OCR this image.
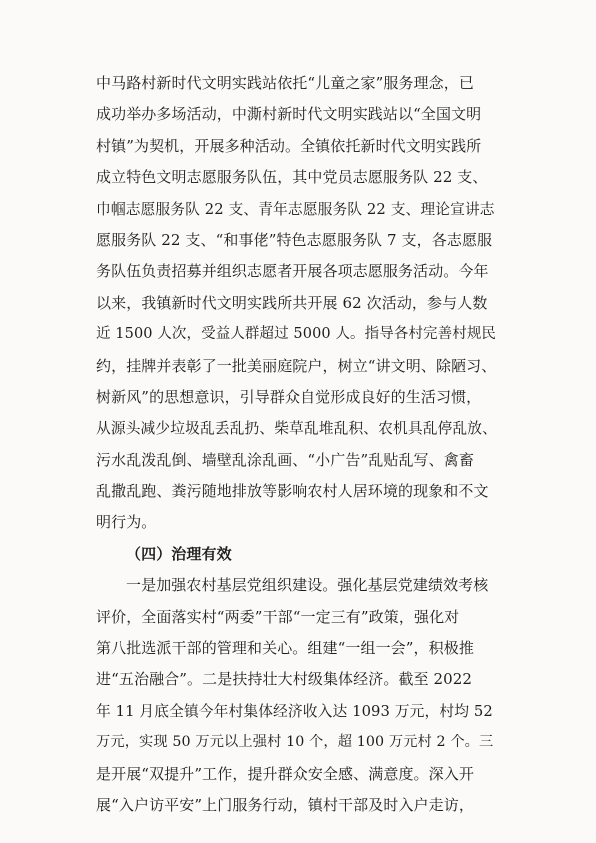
中马路村新时代文明实践站依托“儿童之家”服务理念，已
成功举办多场活动，中澌村新时代文明实践站以“全国文明
村镇”为契机，开展多种活动。全镇依托新时代文明实践所
成立特色文明志愿服务队伍，其中党员志愿服务队 22 支、
巾帼志愿服务队 22 支、青年志愿服务队 22 支、理论宣讲志
愿服务队 22 支、“和事佬”特色志愿服务队 7 支，各志愿服
务队伍负责招募并组织志愿者开展各项志愿服务活动。今年
以来，我镇新时代文明实践所共开展 62 次活动，参与人数
近 1500 人次，受益人群超过 5000 人。指导各村完善村规民
约，挂牌并表彰了一批美丽庭院户，树立“讲文明、除陋习、
树新风”的思想意识，引导群众自觉形成良好的生活习惯，
从源头减少垃圾乱丢乱扔、柴草乱堆乱积、农机具乱停乱放、
污水乱泼乱倒、墙壁乱涂乱画、“小广告”乱贴乱写、禽畜
乱撒乱跑、粪污随地排放等影响农村人居环境的现象和不文
明行为。
（四）治理有效
一是加强农村基层党组织建设。强化基层党建绩效考核
评价，全面落实村“两委”干部“一定三有”政策，强化对
第八批选派干部的管理和关心。组建“一组一会”，积极推
进“五治融合”。二是扶持壮大村级集体经济。截至 2022
年 11 月底全镇今年村集体经济收入达 1093 万元，村均 52
万元，实现 50 万元以上强村 10 个，超 100 万元村 2 个。三
是开展“双提升”工作，提升群众安全感、满意度。深入开
展“入户访平安”上门服务行动，镇村干部及时入户走访，
